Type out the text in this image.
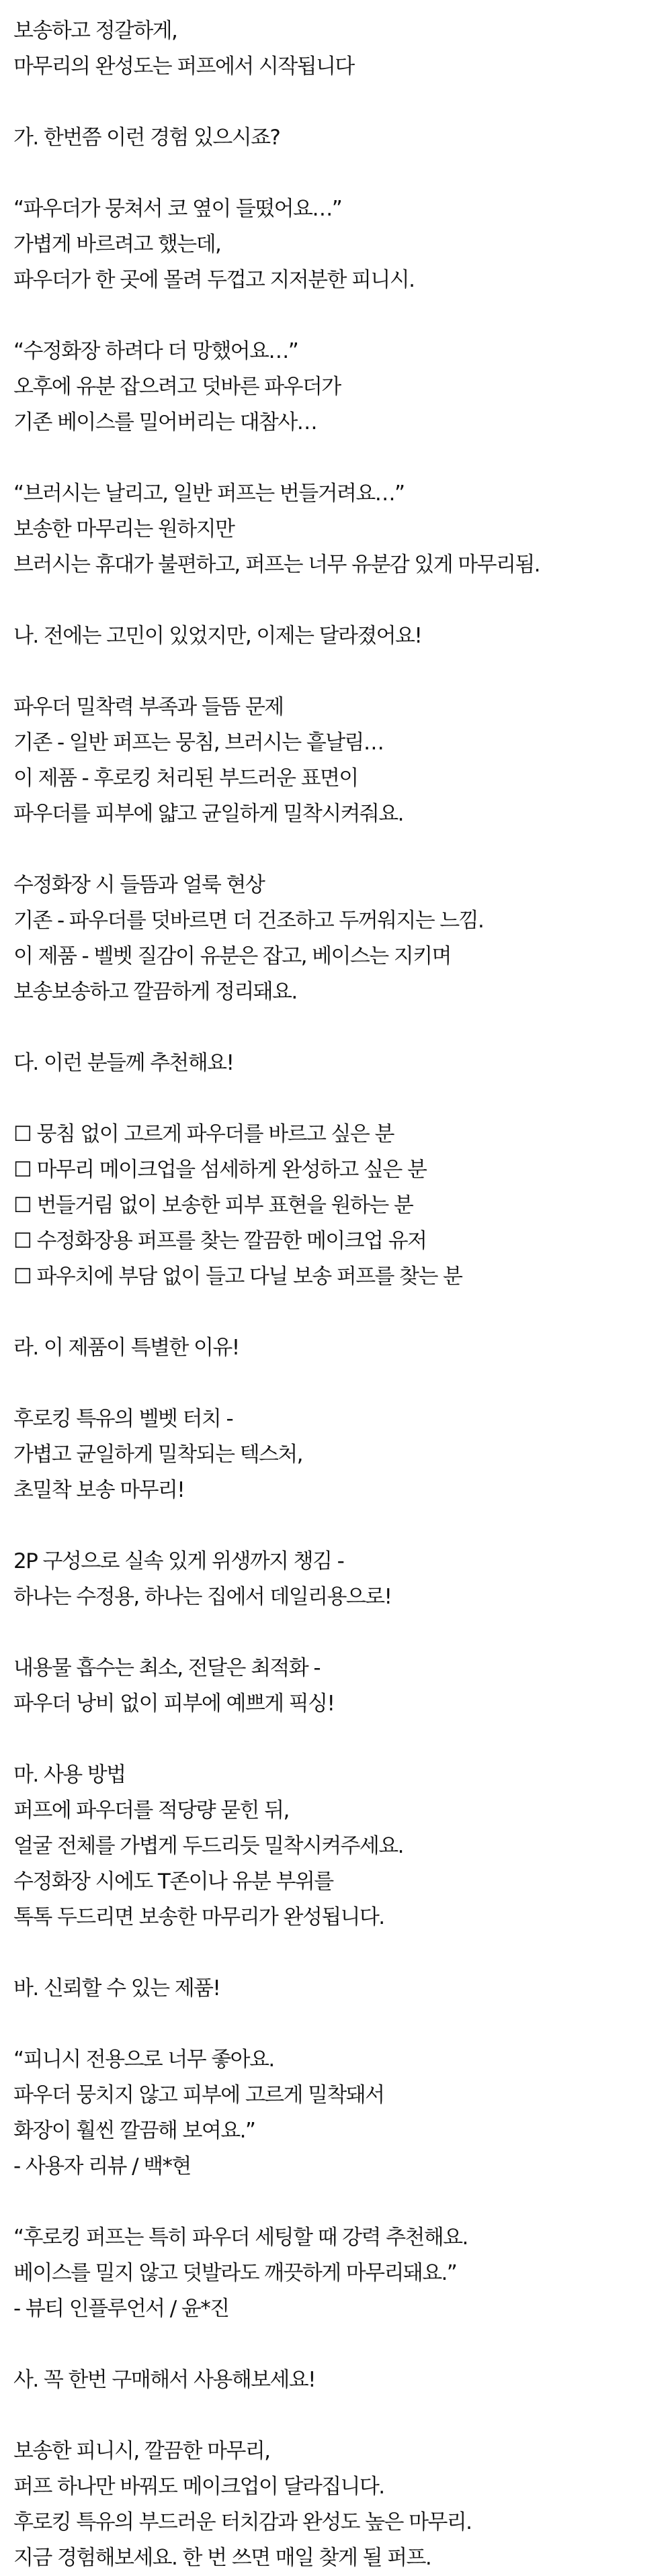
보송하고 정갈하게,
마무리의 완성도는 퍼프에서 시작됩니다
가. 한번쯤 이런 경험 있으시죠?
“파우더가 뭉쳐서 코 옆이 들떴어요…”
가볍게 바르려고 했는데,
파우더가 한 곳에 몰려 두껍고 지저분한 피니시.
“수정화장 하려다 더 망했어요…”
오후에 유분 잡으려고 덧바른 파우더가
기존 베이스를 밀어버리는 대참사…
“브러시는 날리고, 일반 퍼프는 번들거려요…”
보송한 마무리는 원하지만
브러시는 휴대가 불편하고, 퍼프는 너무 유분감 있게 마무리됨.
나. 전에는 고민이 있었지만, 이제는 달라졌어요!
파우더 밀착력 부족과 들뜸 문제
기존 - 일반 퍼프는 뭉침, 브러시는 흩날림…
이 제품 - 후로킹 처리된 부드러운 표면이
파우더를 피부에 얇고 균일하게 밀착시켜줘요.
수정화장 시 들뜸과 얼룩 현상
기존 - 파우더를 덧바르면 더 건조하고 두꺼워지는 느낌.
이 제품 - 벨벳 질감이 유분은 잡고, 베이스는 지키며
보송보송하고 깔끔하게 정리돼요.
다. 이런 분들께 추천해요!
☐ 뭉침 없이 고르게 파우더를 바르고 싶은 분
☐ 마무리 메이크업을 섬세하게 완성하고 싶은 분
☐ 번들거림 없이 보송한 피부 표현을 원하는 분
☐ 수정화장용 퍼프를 찾는 깔끔한 메이크업 유저
☐ 파우치에 부담 없이 들고 다닐 보송 퍼프를 찾는 분
라. 이 제품이 특별한 이유!
후로킹 특유의 벨벳 터치 -
가볍고 균일하게 밀착되는 텍스처,
초밀착 보송 마무리!
2P 구성으로 실속 있게 위생까지 챙김 -
하나는 수정용, 하나는 집에서 데일리용으로!
내용물 흡수는 최소, 전달은 최적화 -
파우더 낭비 없이 피부에 예쁘게 픽싱!
마. 사용 방법
퍼프에 파우더를 적당량 묻힌 뒤,
얼굴 전체를 가볍게 두드리듯 밀착시켜주세요.
수정화장 시에도 T존이나 유분 부위를
톡톡 두드리면 보송한 마무리가 완성됩니다.
바. 신뢰할 수 있는 제품!
“피니시 전용으로 너무 좋아요.
파우더 뭉치지 않고 피부에 고르게 밀착돼서
화장이 훨씬 깔끔해 보여요.”
- 사용자 리뷰 / 백*현
“후로킹 퍼프는 특히 파우더 세팅할 때 강력 추천해요.
베이스를 밀지 않고 덧발라도 깨끗하게 마무리돼요.”
- 뷰티 인플루언서 / 윤*진
사. 꼭 한번 구매해서 사용해보세요!
보송한 피니시, 깔끔한 마무리,
퍼프 하나만 바꿔도 메이크업이 달라집니다.
후로킹 특유의 부드러운 터치감과 완성도 높은 마무리.
지금 경험해보세요. 한 번 쓰면 매일 찾게 될 퍼프.
